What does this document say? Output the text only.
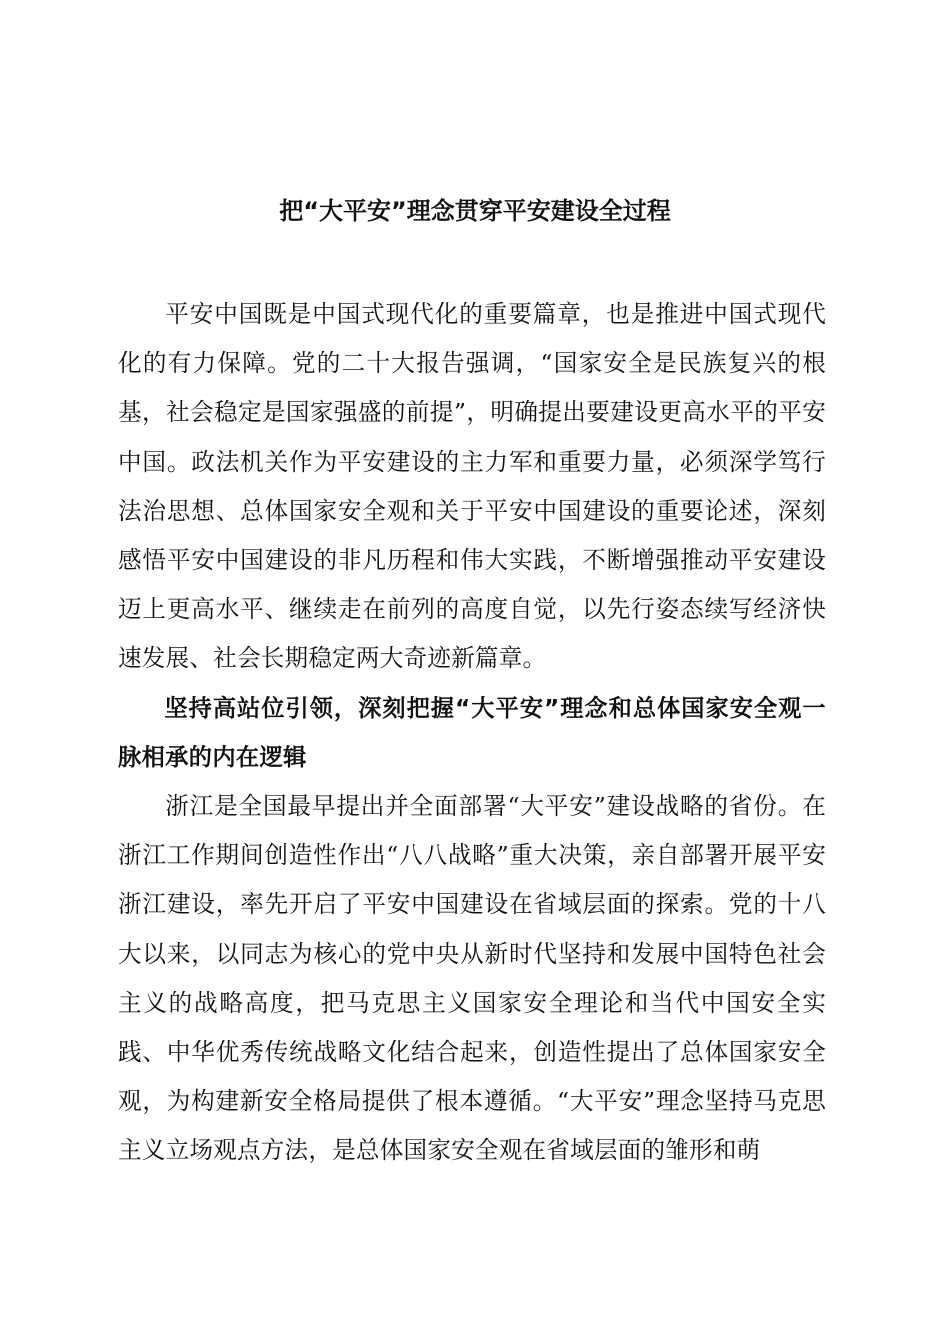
把“大平安”理念贯穿平安建设全过程

平安中国既是中国式现代化的重要篇章，也是推进中国式现代化的有力保障。党的二十大报告强调，“国家安全是民族复兴的根基，社会稳定是国家强盛的前提”，明确提出要建设更高水平的平安中国。政法机关作为平安建设的主力军和重要力量，必须深学笃行法治思想、总体国家安全观和关于平安中国建设的重要论述，深刻感悟平安中国建设的非凡历程和伟大实践，不断增强推动平安建设迈上更高水平、继续走在前列的高度自觉，以先行姿态续写经济快速发展、社会长期稳定两大奇迹新篇章。

坚持高站位引领，深刻把握“大平安”理念和总体国家安全观一脉相承的内在逻辑

浙江是全国最早提出并全面部署“大平安”建设战略的省份。在浙江工作期间创造性作出“八八战略”重大决策，亲自部署开展平安浙江建设，率先开启了平安中国建设在省域层面的探索。党的十八大以来，以同志为核心的党中央从新时代坚持和发展中国特色社会主义的战略高度，把马克思主义国家安全理论和当代中国安全实践、中华优秀传统战略文化结合起来，创造性提出了总体国家安全观，为构建新安全格局提供了根本遵循。“大平安”理念坚持马克思主义立场观点方法，是总体国家安全观在省域层面的雏形和萌
